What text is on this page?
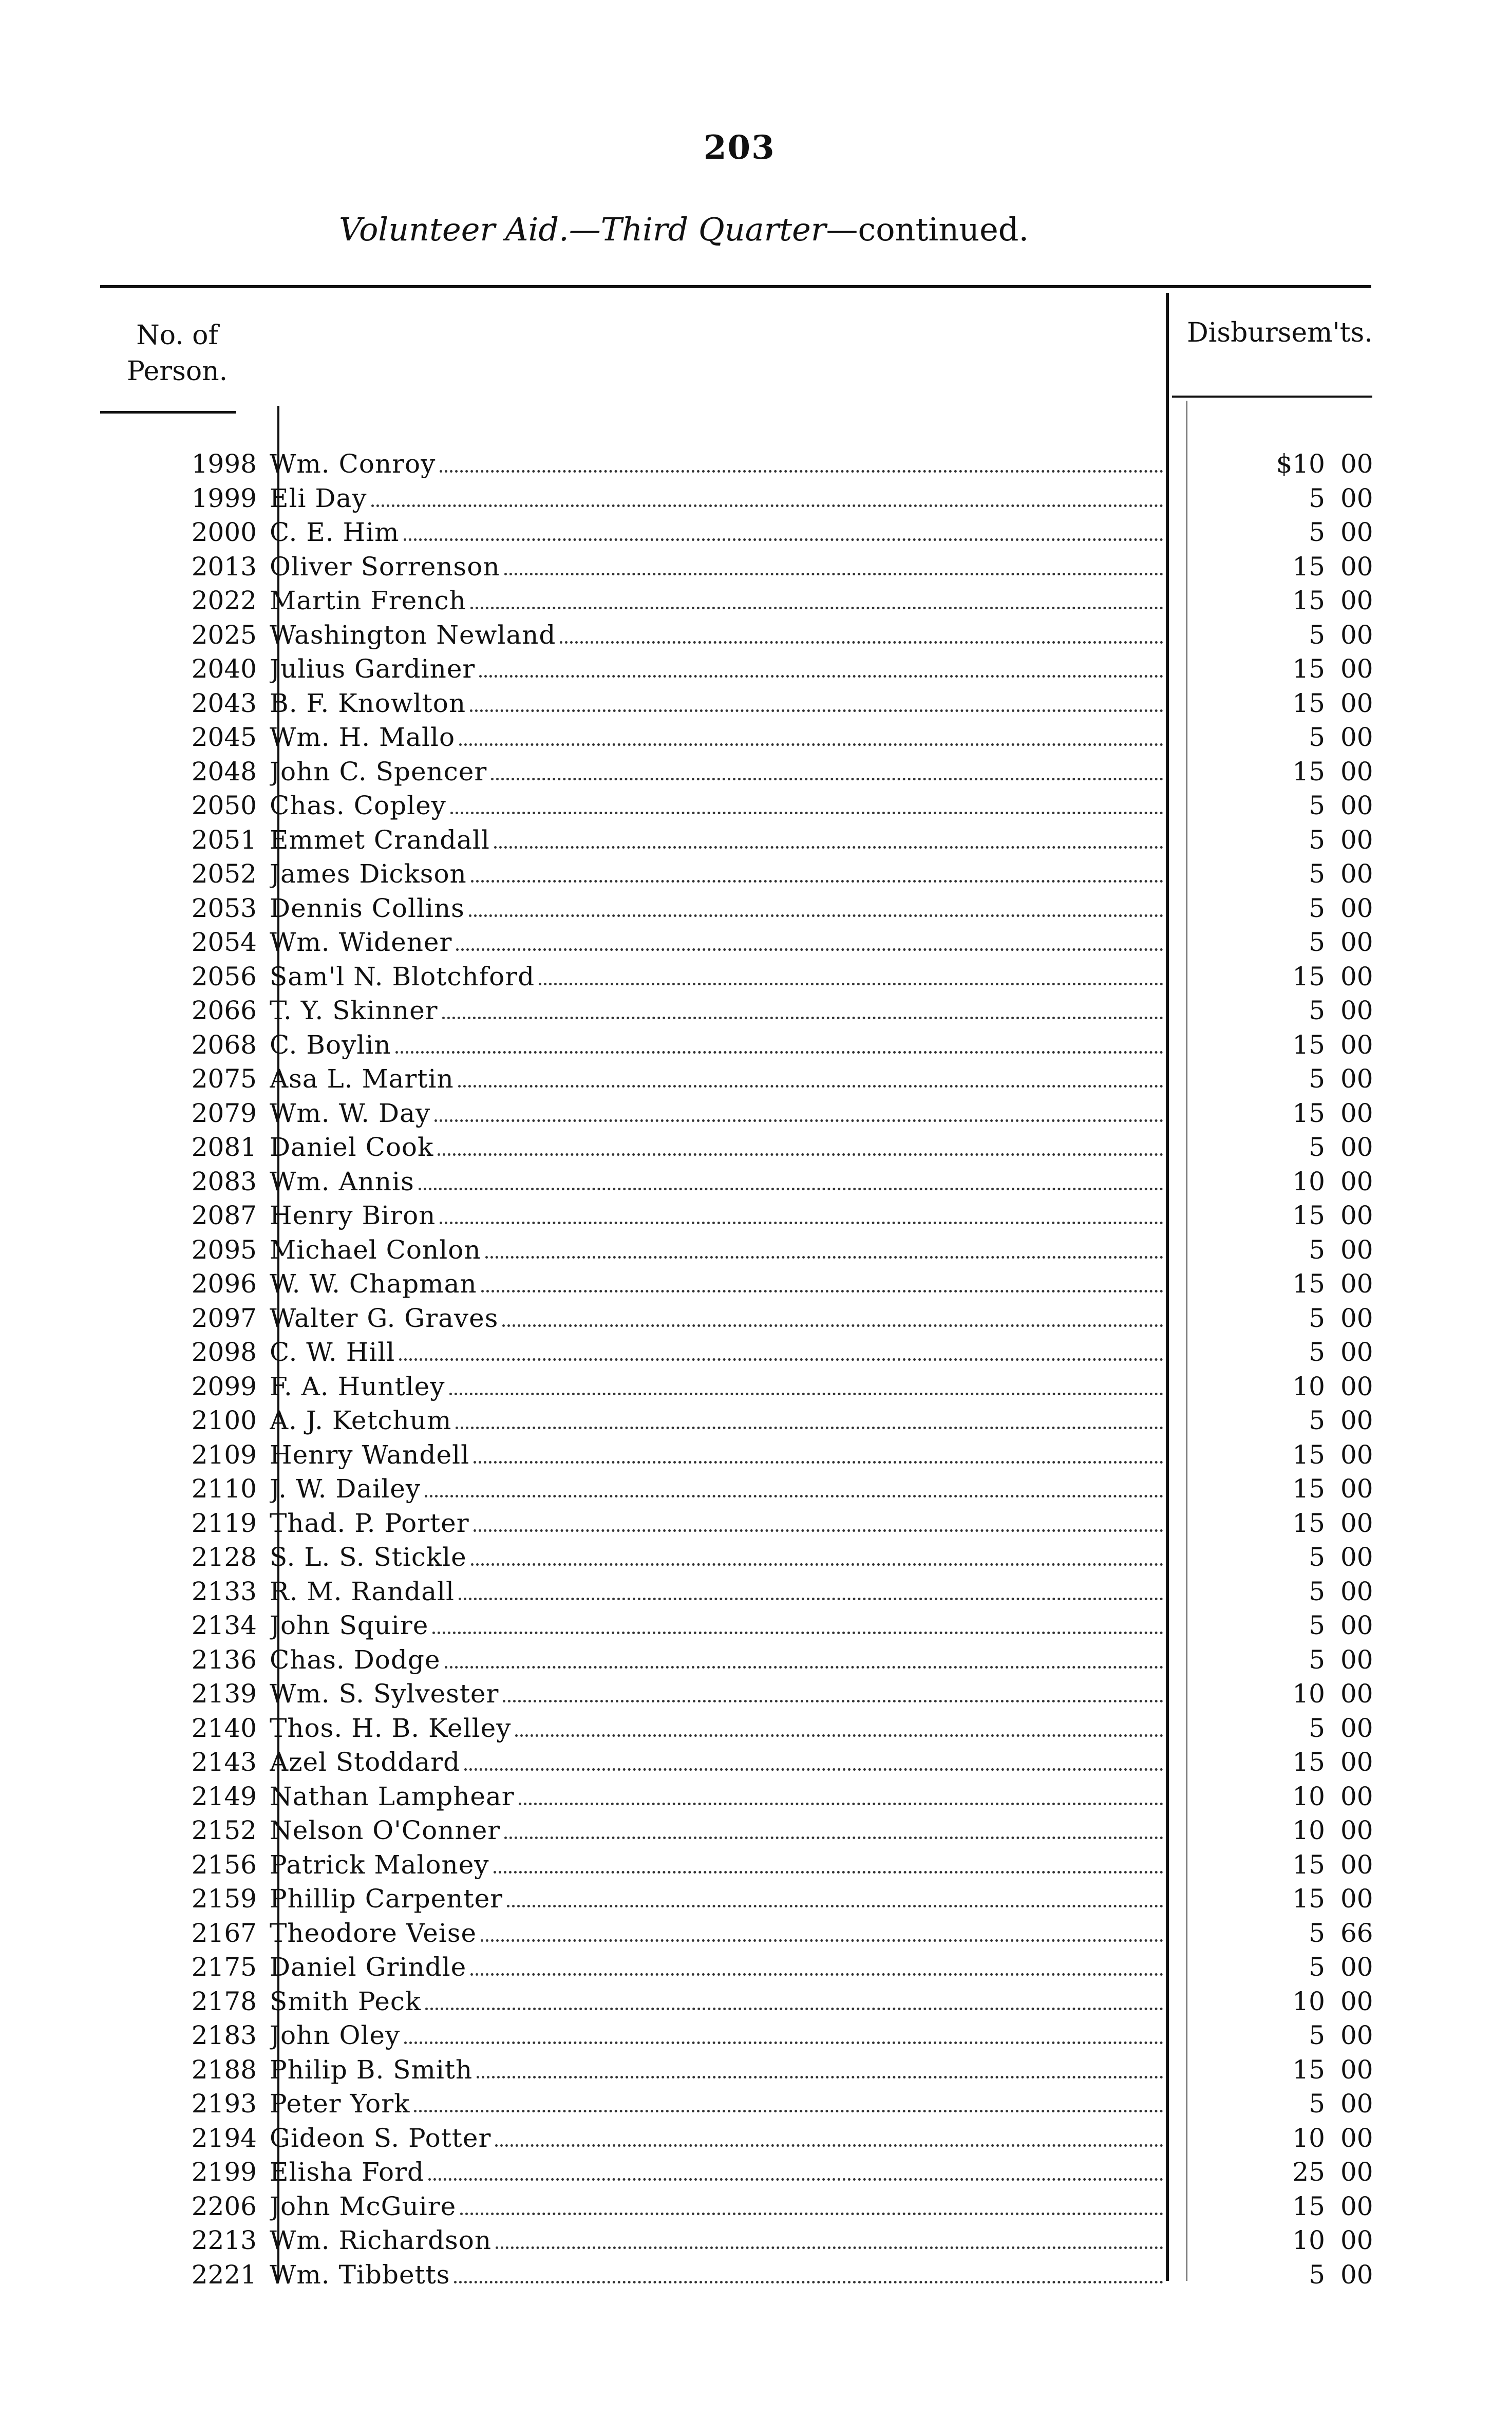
203
Volunteer Aid.—Third Quarter—continued.
No. of
Person.
Disbursem'ts.
1998 Wm. Conroy	$10 00
1999 Eli Day	5 00
2000 C. E. Him	5 00
2013 Oliver Sorrenson	15 00
2022 Martin French	15 00
2025 Washington Newland	5 00
2040 Julius Gardiner	15 00
2043 B. F. Knowlton	15 00
2045 Wm. H. Mallo	5 00
2048 John C. Spencer	15 00
2050 Chas. Copley	5 00
2051 Emmet Crandall	5 00
2052 James Dickson	5 00
2053 Dennis Collins	5 00
2054 Wm. Widener	5 00
2056 Sam'l N. Blotchford	15 00
2066 T. Y. Skinner	5 00
2068 C. Boylin	15 00
2075 Asa L. Martin	5 00
2079 Wm. W. Day	15 00
2081 Daniel Cook	5 00
2083 Wm. Annis	10 00
2087 Henry Biron	15 00
2095 Michael Conlon	5 00
2096 W. W. Chapman	15 00
2097 Walter G. Graves	5 00
2098 C. W. Hill	5 00
2099 F. A. Huntley	10 00
2100 A. J. Ketchum	5 00
2109 Henry Wandell	15 00
2110 J. W. Dailey	15 00
2119 Thad. P. Porter	15 00
2128 S. L. S. Stickle	5 00
2133 R. M. Randall	5 00
2134 John Squire	5 00
2136 Chas. Dodge	5 00
2139 Wm. S. Sylvester	10 00
2140 Thos. H. B. Kelley	5 00
2143 Azel Stoddard	15 00
2149 Nathan Lamphear	10 00
2152 Nelson O'Conner	10 00
2156 Patrick Maloney	15 00
2159 Phillip Carpenter	15 00
2167 Theodore Veise	5 66
2175 Daniel Grindle	5 00
2178 Smith Peck	10 00
2183 John Oley	5 00
2188 Philip B. Smith	15 00
2193 Peter York	5 00
2194 Gideon S. Potter	10 00
2199 Elisha Ford	25 00
2206 John McGuire	15 00
2213 Wm. Richardson	10 00
2221 Wm. Tibbetts	5 00
